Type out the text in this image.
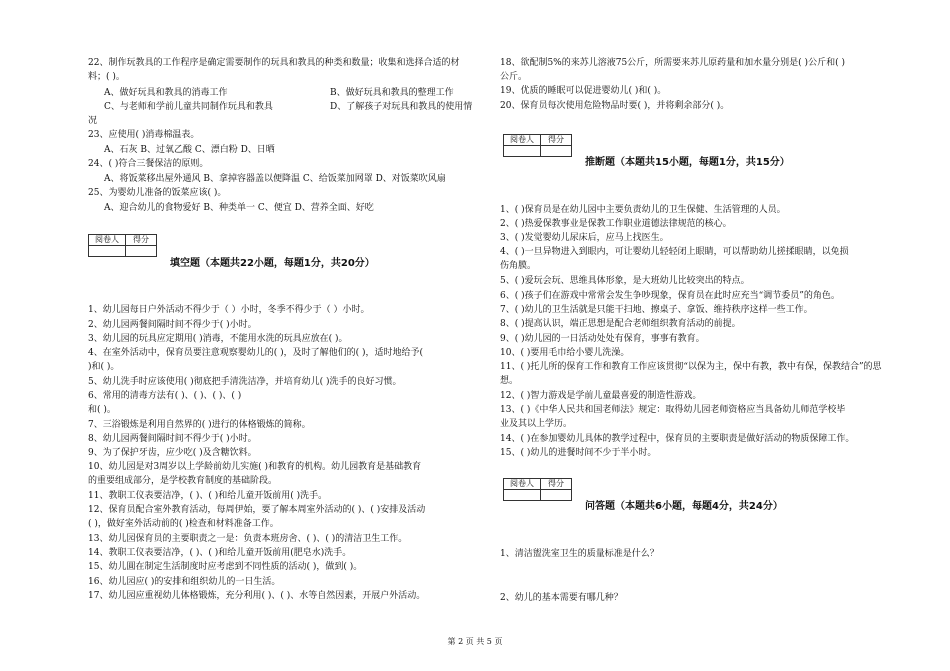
22、制作玩教具的工作程序是确定需要制作的玩具和教具的种类和数量；收集和选择合适的材
料；( )。
A、做好玩具和教具的消毒工作	B、做好玩具和教具的整理工作
C、与老师和学前儿童共同制作玩具和教具	D、了解孩子对玩具和教具的使用情
况
23、应使用( )消毒棉温表。
A、石灰 B、过氧乙酸 C、漂白粉 D、日晒
24、( )符合三餐保洁的原则。
A、将饭菜移出屋外通风 B、拿掉容器盖以便降温 C、给饭菜加网罩 D、对饭菜吹风扇
25、为婴幼儿准备的饭菜应该( )。
A、迎合幼儿的食物爱好 B、种类单一 C、便宜 D、营养全面、好吃
阅卷人	得分

填空题（本题共22小题，每题1分，共20分）
1、幼儿园每日户外活动不得少于（ ）小时，冬季不得少于（ ）小时。
2、幼儿园两餐间隔时间不得少于( )小时。
3、幼儿园的玩具应定期用( )消毒，不能用水洗的玩具应放在( )。
4、在室外活动中，保育员要注意观察婴幼儿的( )，及时了解他们的( )，适时地给予(
)和( )。
5、幼儿洗手时应该使用( )彻底把手清洗洁净，并培育幼儿( )洗手的良好习惯。
6、常用的清毒方法有( )、( )、( )、( )
和( )。
7、三浴锻炼是利用自然界的( )进行的体格锻炼的简称。
8、幼儿园两餐间隔时间不得少于( )小时。
9、为了保护牙齿，应少吃( )及含糖饮料。
10、幼儿园是对3周岁以上学龄前幼儿实施( )和教育的机构。幼儿园教育是基础教育
的重要组成部分，是学校教育制度的基础阶段。
11、教职工仪表要洁净，( )、( )和给儿童开饭前用( )洗手。
12、保育员配合室外教育活动，每周伊始，要了解本周室外活动的( )、( )安排及活动
( )，做好室外活动前的( )检查和材料准备工作。
13、幼儿园保育员的主要职责之一是：负责本班房舍、( )、( )的清洁卫生工作。
14、教职工仪表要洁净，( )、( )和给儿童开饭前用(肥皂水)洗手。
15、幼儿圓在制定生活制度时应考虑到不同性质的活动( )，做到( )。
16、幼儿园应( )的安排和组织幼儿的一日生活。
17、幼儿园应重视幼儿体格锻炼，充分利用( )、( )、水等自然因素，开展户外活动。
18、欲配制5%的来苏儿溶液75公斤，所需要来苏儿原药量和加水量分别是( )公斤和( )
公斤。
19、优质的睡眠可以促进婴幼儿( )和( )。
20、保育员每次使用危险物品时要( )，并将剩余部分( )。
阅卷人	得分

推断题（本题共15小题，每题1分，共15分）
1、( )保育员是在幼儿园中主要负责幼儿的卫生保健、生活管理的人员。
2、( )热爱保教事业是保教工作职业道德法律规范的核心。
3、( )发觉婴幼儿尿床后，应马上找医生。
4、( )一旦异物进入到眼内，可让婴幼儿轻轻闭上眼睛，可以帮助幼儿搓揉眼睛，以免损
伤角膜。
5、( )爱玩会玩、思维具体形象，是大班幼儿比较突出的特点。
6、( )孩子们在游戏中常常会发生争吵现象，保育员在此时应充当“调节委员”的角色。
7、( )幼儿的卫生活就是只能干扫地、擦桌子、拿饭、维持秩序这样一些工作。
8、( )提高认识，端正思想是配合老师组织教育活动的前提。
9、( )幼儿园的一日活动处处有保育，事事有教育。
10、( )要用毛巾给小婴儿洗澡。
11、( )托儿所的保育工作和教育工作应该贯彻“以保为主，保中有教，教中有保，保教结合”的思
想。
12、( )智力游戏是学前儿童最喜爱的制造性游戏。
13、( )《中华人民共和国老师法》规定：取得幼儿园老师资格应当具备幼儿师范学校毕
业及其以上学历。
14、( )在参加婴幼儿具体的教学过程中，保育员的主要职责是做好活动的物质保障工作。
15、( )幼儿的进餐时间不少于半小时。
阅卷人	得分

问答题（本题共6小题，每题4分，共24分）
1、清洁盥洗室卫生的质量标准是什么？
2、幼儿的基本需要有哪几种？
第 2 页 共 5 页
